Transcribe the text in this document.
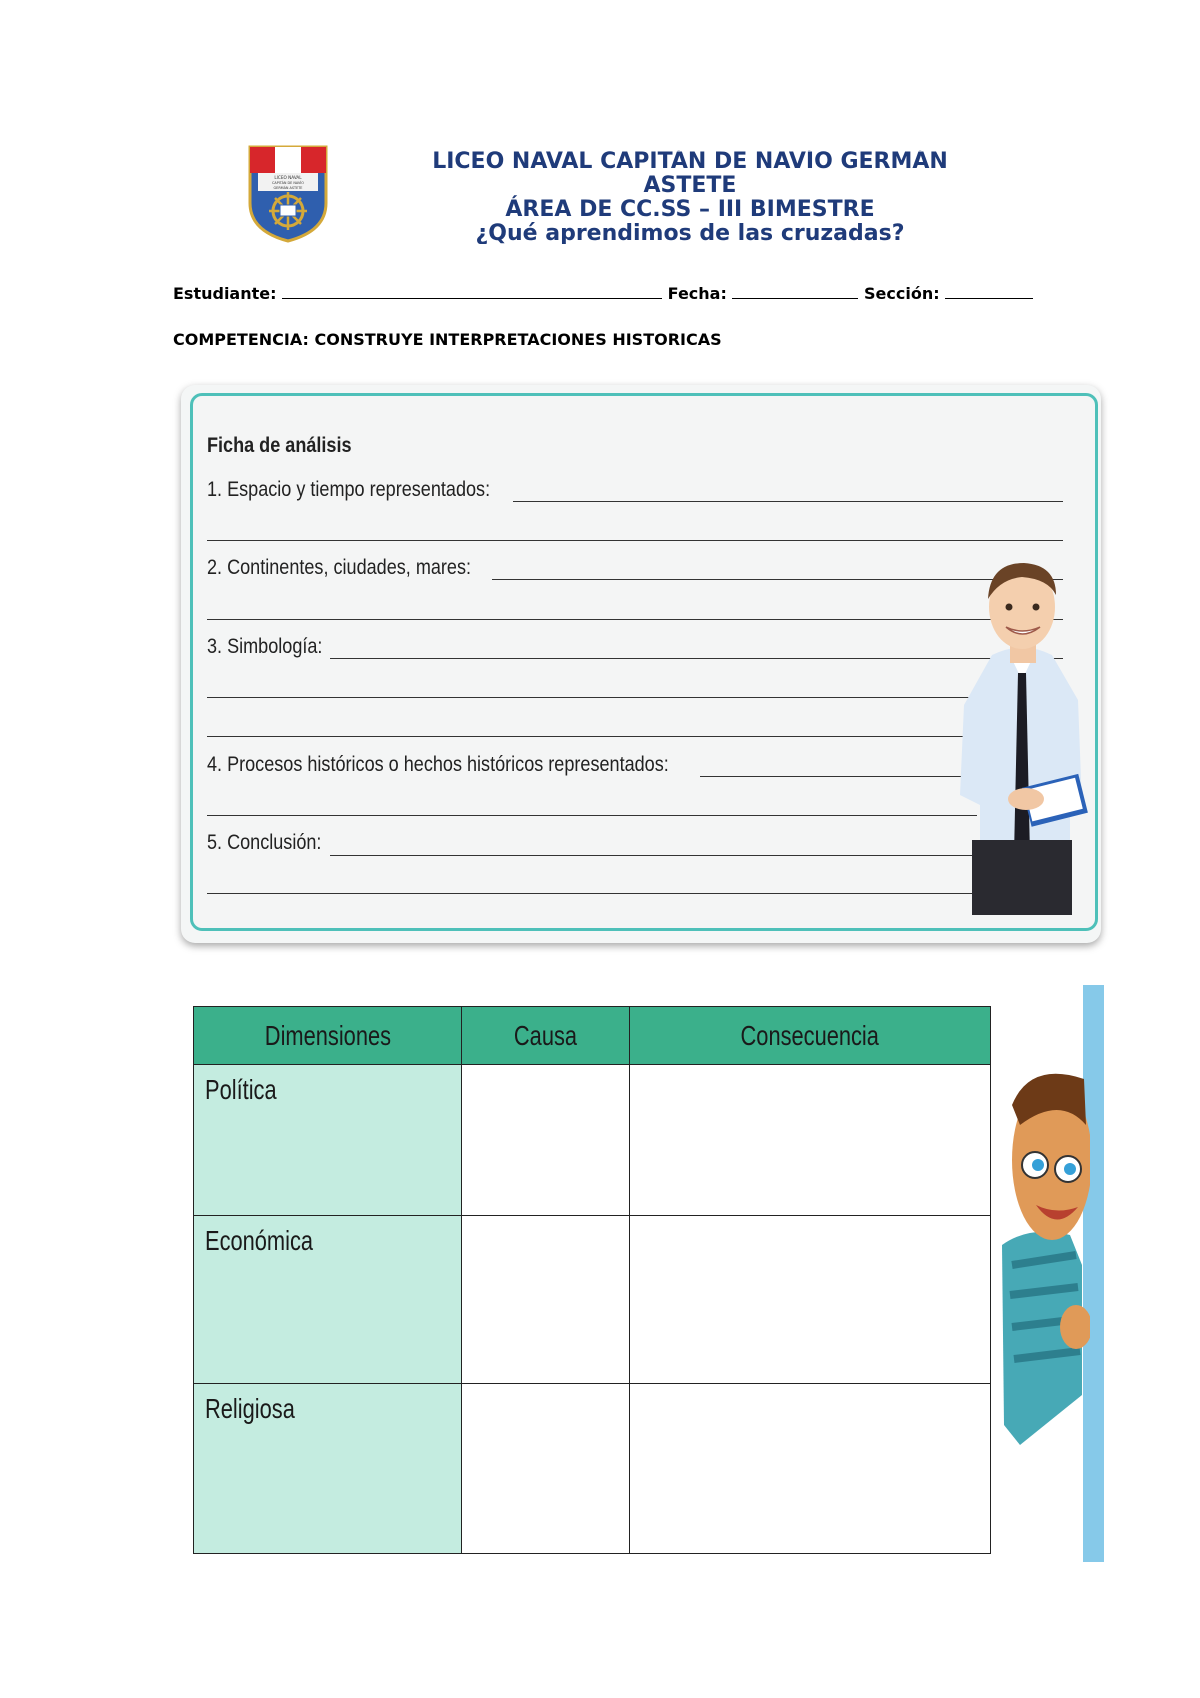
LICEO NAVAL
CAPITÁN DE NAVÍO
GERMÁN ASTETE
LICEO NAVAL CAPITÁN DE NAVÍO GERMÁN
ASTETE
ÁREA DE CC.SS – III BIMESTRE
¿Qué aprendimos de las cruzadas?
Estudiante:	Fecha:	Sección:
COMPETENCIA: CONSTRUYE INTERPRETACIONES HISTORICAS
Ficha de análisis
1. Espacio y tiempo representados:
2. Continentes, ciudades, mares:
3. Simbología:
4. Procesos históricos o hechos históricos representados:
5. Conclusión:
Dimensiones	Causa	Consecuencia
Política		
Económica		
Religiosa		
